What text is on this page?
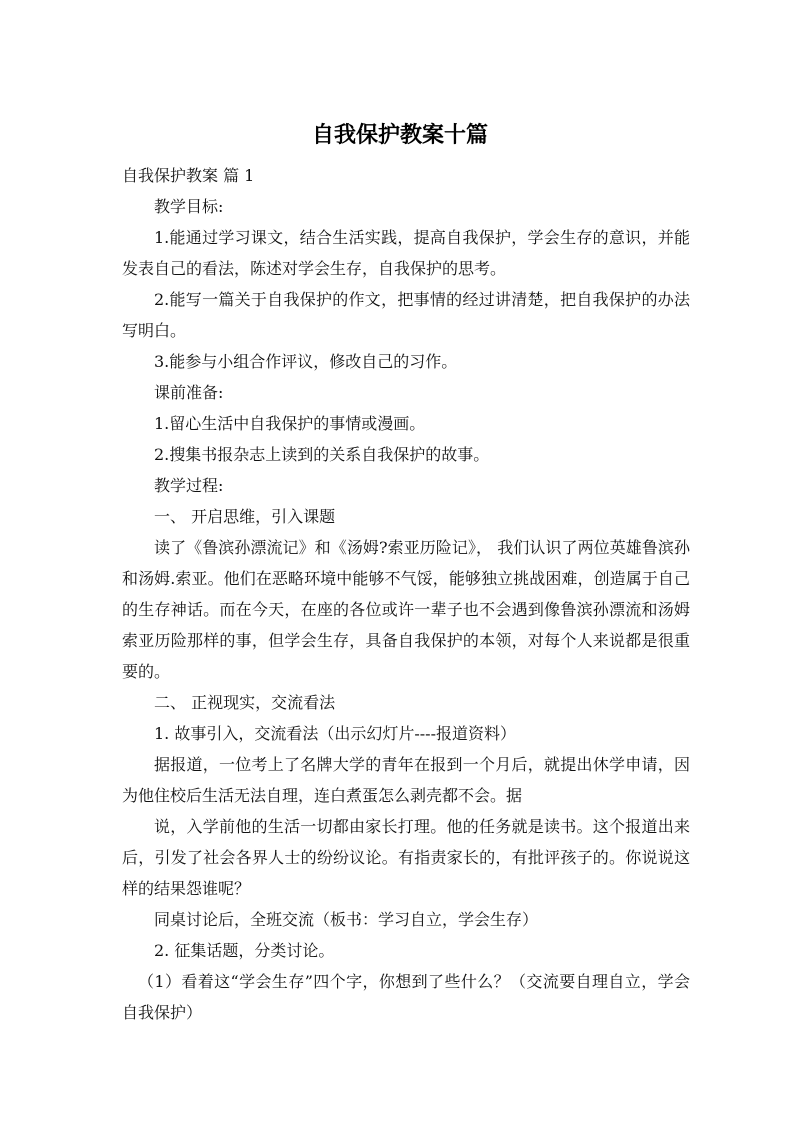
自我保护教案十篇

自我保护教案 篇 1

教学目标:

1.能通过学习课文，结合生活实践，提高自我保护，学会生存的意识，并能发表自己的看法，陈述对学会生存，自我保护的思考。

2.能写一篇关于自我保护的作文，把事情的经过讲清楚，把自我保护的办法写明白。

3.能参与小组合作评议，修改自己的习作。

课前准备:

1.留心生活中自我保护的事情或漫画。

2.搜集书报杂志上读到的关系自我保护的故事。

教学过程:

一、 开启思维，引入课题

读了《鲁滨孙漂流记》和《汤姆?索亚历险记》， 我们认识了两位英雄鲁滨孙和汤姆.索亚。他们在恶略环境中能够不气馁，能够独立挑战困难，创造属于自己的生存神话。而在今天，在座的各位或许一辈子也不会遇到像鲁滨孙漂流和汤姆索亚历险那样的事，但学会生存，具备自我保护的本领，对每个人来说都是很重要的。

二、 正视现实，交流看法

1. 故事引入，交流看法（出示幻灯片----报道资料）

据报道，一位考上了名牌大学的青年在报到一个月后，就提出休学申请，因为他住校后生活无法自理，连白煮蛋怎么剥壳都不会。据

说，入学前他的生活一切都由家长打理。他的任务就是读书。这个报道出来后，引发了社会各界人士的纷纷议论。有指责家长的，有批评孩子的。你说说这样的结果怨谁呢？

同桌讨论后，全班交流（板书：学习自立，学会生存）

2. 征集话题，分类讨论。

（1）看着这“学会生存”四个字，你想到了些什么？（交流要自理自立，学会自我保护）
